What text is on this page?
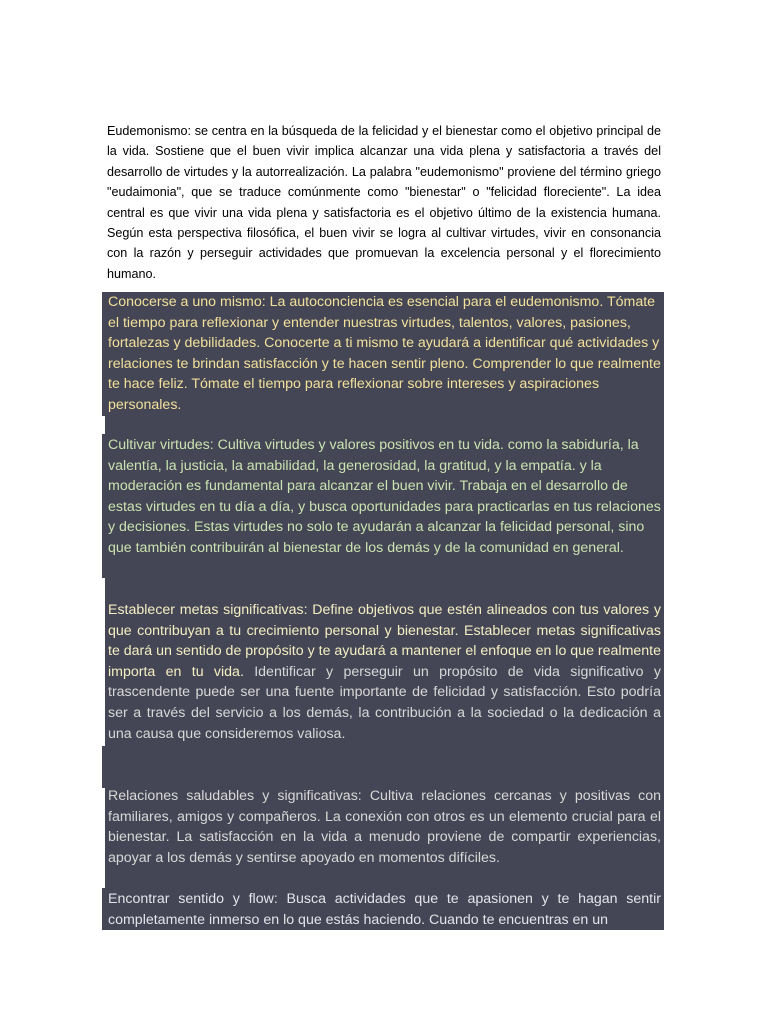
Eudemonismo: se centra en la búsqueda de la felicidad y el bienestar como el objetivo principal de la vida. Sostiene que el buen vivir implica alcanzar una vida plena y satisfactoria a través del desarrollo de virtudes y la autorrealización. La palabra "eudemonismo" proviene del término griego "eudaimonia", que se traduce comúnmente como "bienestar" o "felicidad floreciente". La idea central es que vivir una vida plena y satisfactoria es el objetivo último de la existencia humana. Según esta perspectiva filosófica, el buen vivir se logra al cultivar virtudes, vivir en consonancia con la razón y perseguir actividades que promuevan la excelencia personal y el florecimiento humano.

Conocerse a uno mismo: La autoconciencia es esencial para el eudemonismo. Tómate el tiempo para reflexionar y entender nuestras virtudes, talentos, valores, pasiones, fortalezas y debilidades. Conocerte a ti mismo te ayudará a identificar qué actividades y relaciones te brindan satisfacción y te hacen sentir pleno. Comprender lo que realmente te hace feliz. Tómate el tiempo para reflexionar sobre intereses y aspiraciones personales.

Cultivar virtudes: Cultiva virtudes y valores positivos en tu vida. como la sabiduría, la valentía, la justicia, la amabilidad, la generosidad, la gratitud, y la empatía. y la moderación es fundamental para alcanzar el buen vivir. Trabaja en el desarrollo de estas virtudes en tu día a día, y busca oportunidades para practicarlas en tus relaciones y decisiones. Estas virtudes no solo te ayudarán a alcanzar la felicidad personal, sino que también contribuirán al bienestar de los demás y de la comunidad en general.

Establecer metas significativas: Define objetivos que estén alineados con tus valores y que contribuyan a tu crecimiento personal y bienestar. Establecer metas significativas te dará un sentido de propósito y te ayudará a mantener el enfoque en lo que realmente importa en tu vida. Identificar y perseguir un propósito de vida significativo y trascendente puede ser una fuente importante de felicidad y satisfacción. Esto podría ser a través del servicio a los demás, la contribución a la sociedad o la dedicación a una causa que consideremos valiosa.

Relaciones saludables y significativas: Cultiva relaciones cercanas y positivas con familiares, amigos y compañeros. La conexión con otros es un elemento crucial para el bienestar. La satisfacción en la vida a menudo proviene de compartir experiencias, apoyar a los demás y sentirse apoyado en momentos difíciles.

Encontrar sentido y flow: Busca actividades que te apasionen y te hagan sentir completamente inmerso en lo que estás haciendo. Cuando te encuentras en un
